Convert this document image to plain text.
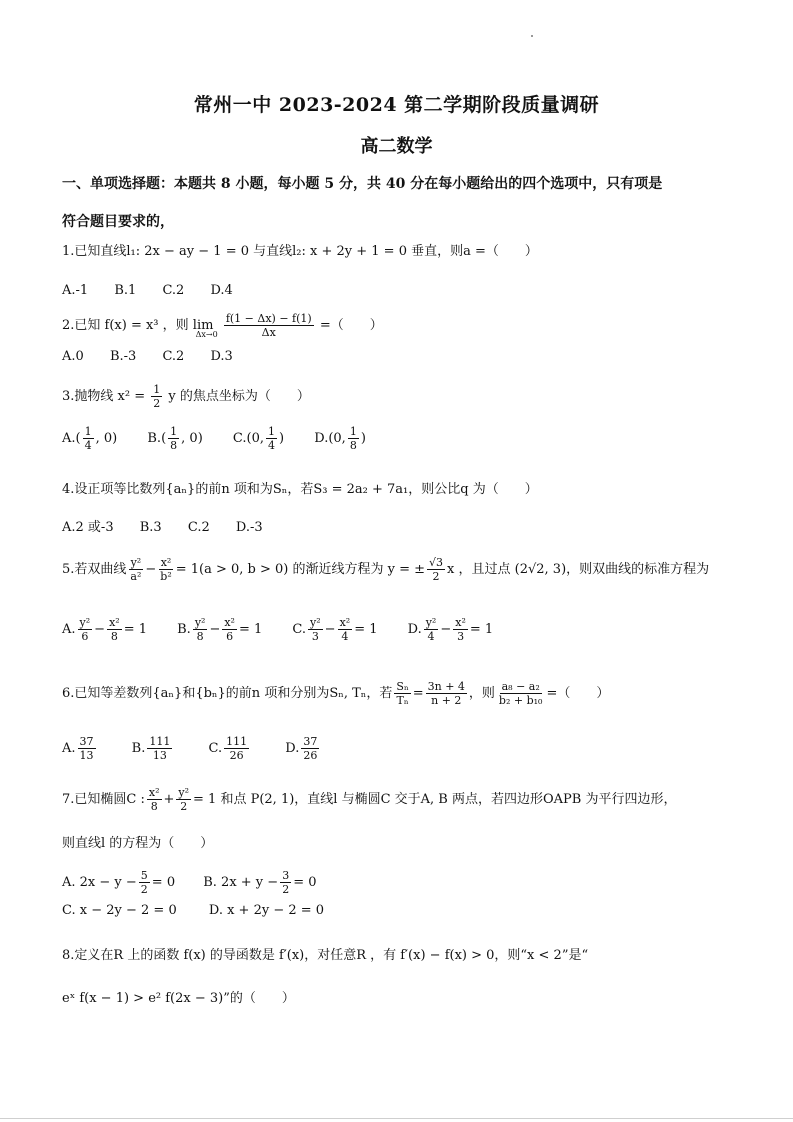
常州一中 2023-2024 第二学期阶段质量调研
高二数学
一、单项选择题：本题共 8 小题，每小题 5 分，共 40 分在每小题给出的四个选项中，只有项是
符合题目要求的，
1.已知直线l₁: 2x − ay − 1 = 0 与直线l₂: x + 2y + 1 = 0 垂直，则a =（　　）
A.-1 B.1 C.2 D.4
2.已知 f(x) = x³ ，则 $\lim _{\Delta x\to 0} \frac{f(1 - \Delta x) - f(1)}{\Delta x}$ =（　　）
A.0 B.-3 C.2 D.3
3.抛物线 $x^2 = \frac{1}{2}$ y 的焦点坐标为（　　）
$A.( \frac{1}{4}$ , 0) $B.( \frac{1}{8}$ , 0) C.(0, $\frac{1}{4}$ ) D.(0, $\frac{1}{8}$ )
4.设正项等比数列{aₙ}的前n 项和为Sₙ，若S₃ = 2a₂ + 7a₁，则公比q 为（　　）
A.2 或-3 B.3 C.2 D.-3
5.若双曲线 $\frac{\text{y²}}{\text{a²}} - \frac{\text{x²}}{\text{b²}} = 1(a > 0$, b > 0) 的渐近线方程为 y = ± $\frac{√3}{2}$ x ，且过点 (2√2, 3)，则双曲线的标准方程为
A. $\frac{\text{y²}}{6} - \frac{\text{x²}}{8} = 1$ B. $\frac{\text{y²}}{8} - \frac{\text{x²}}{6} = 1$ C. $\frac{\text{y²}}{3} - \frac{\text{x²}}{4} = 1$ D. $\frac{\text{y²}}{4} - \frac{\text{x²}}{3} = 1$
6.已知等差数列{aₙ}和{bₙ}的前n 项和分别为Sₙ, Tₙ，若 $\frac{\text{Sₙ}}{\text{Tₙ}} = \frac{3n + 4}{n + 2}$ ，则 $\frac{\text{a₈ − a₂}}{\text{b₂ + b₁₀}}$ =（　　）
A. $\frac{37}{13}$	B. $\frac{111}{13}$	C. $\frac{111}{26}$	D. $\frac{37}{26}$
7.已知椭圆C : $\frac{\text{x²}}{8} + \frac{\text{y²}}{2} = 1$ 和点 P(2, 1)，直线l 与椭圆C 交于A, B 两点，若四边形OAPB 为平行四边形，
则直线l 的方程为（　　）
A. $2x - y - \frac{5}{2} = 0$ B. $2x + y - \frac{3}{2} = 0$
C. x − 2y − 2 = 0 D. x + 2y − 2 = 0
8.定义在R 上的函数 f(x) 的导函数是 f′(x)，对任意R ，有 f′(x) − f(x) > 0，则“x < 2”是“
eˣ f(x − 1) > e² f(2x − 3)”的（　　）
